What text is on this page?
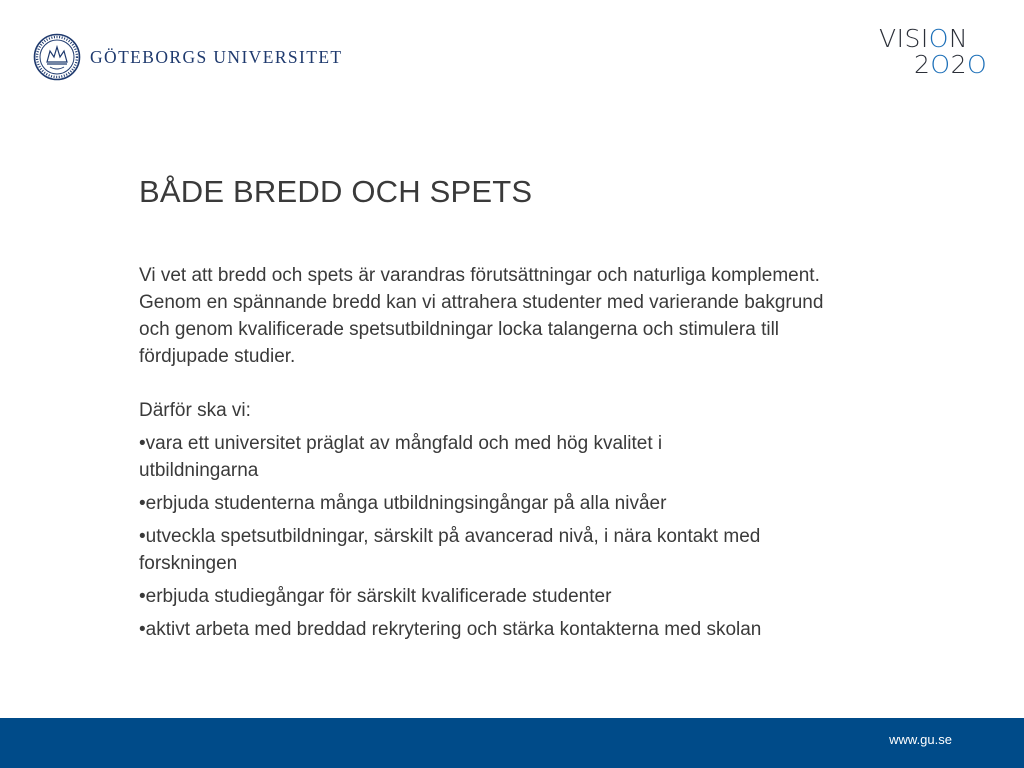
GÖTEBORGS UNIVERSITET
VISION
2O2O
BÅDE BREDD OCH SPETS

Vi vet att bredd och spets är varandras förutsättningar och naturliga komplement. Genom en spännande bredd kan vi attrahera studenter med varierande bakgrund och genom kvalificerade spetsutbildningar locka talangerna och stimulera till fördjupade studier.

Därför ska vi:

•vara ett universitet präglat av mångfald och med hög kvalitet i utbildningarna
•erbjuda studenterna många utbildningsingångar på alla nivåer
•utveckla spetsutbildningar, särskilt på avancerad nivå, i nära kontakt med forskningen
•erbjuda studiegångar för särskilt kvalificerade studenter
•aktivt arbeta med breddad rekrytering och stärka kontakterna med skolan
www.gu.se
